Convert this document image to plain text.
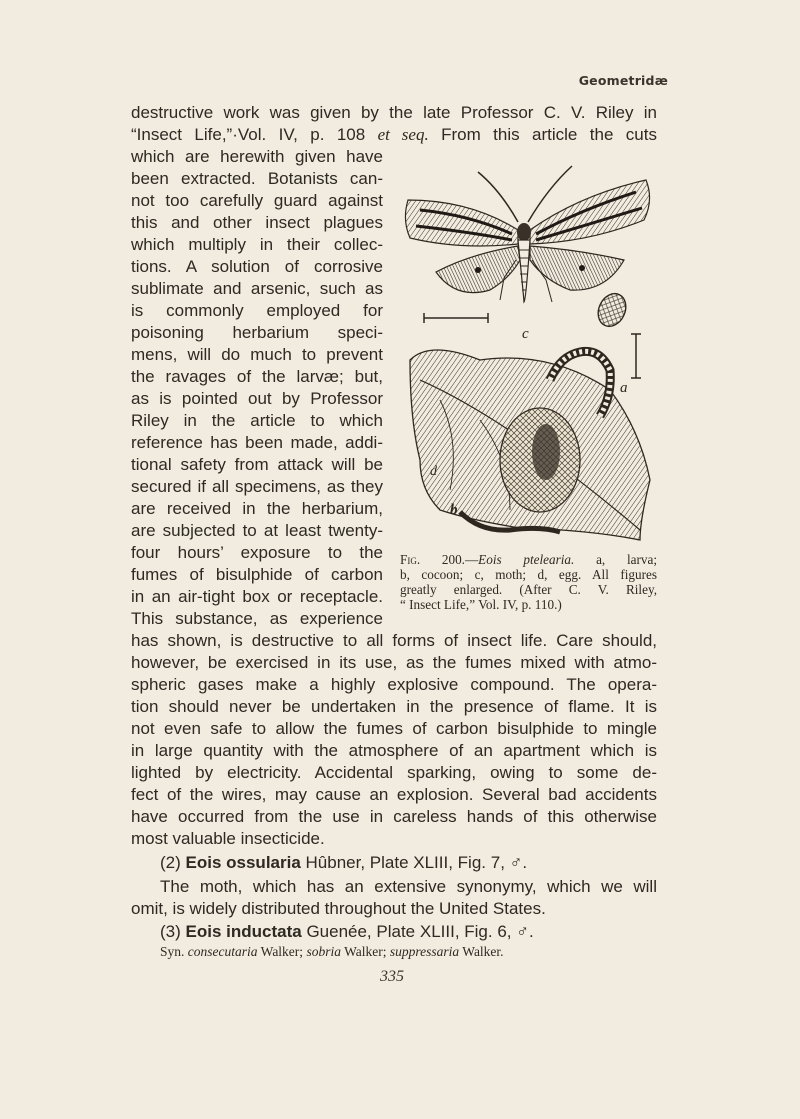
Geometridæ
destructive work was given by the late Professor C. V. Riley in
“Insect Life,”·Vol. IV, p. 108 et seq. From this article the cuts
which are herewith given have
been extracted. Botanists can-
not too carefully guard against
this and other insect plagues
which multiply in their collec-
tions. A solution of corrosive
sublimate and arsenic, such as
is commonly employed for
poisoning herbarium speci-
mens, will do much to prevent
the ravages of the larvæ; but,
as is pointed out by Professor
Riley in the article to which
reference has been made, addi-
tional safety from attack will be
secured if all specimens, as they
are received in the herbarium,
are subjected to at least twenty-
four hours’ exposure to the
fumes of bisulphide of carbon
in an air-tight box or receptacle.
This substance, as experience
has shown, is destructive to all forms of insect life. Care should,
however, be exercised in its use, as the fumes mixed with atmo-
spheric gases make a highly explosive compound. The opera-
tion should never be undertaken in the presence of flame. It is
not even safe to allow the fumes of carbon bisulphide to mingle
in large quantity with the atmosphere of an apartment which is
lighted by electricity. Accidental sparking, owing to some de-
fect of the wires, may cause an explosion. Several bad accidents
have occurred from the use in careless hands of this otherwise
most valuable insecticide.
(2) Eois ossularia Hûbner, Plate XLIII, Fig. 7, ♂.
The moth, which has an extensive synonymy, which we will
omit, is widely distributed throughout the United States.
(3) Eois inductata Guenée, Plate XLIII, Fig. 6, ♂.
Syn. consecutaria Walker; sobria Walker; suppressaria Walker.
335
c
a
d
b
Fig. 200.—Eois ptelearia. a, larva;
b, cocoon; c, moth; d, egg. All figures
greatly enlarged. (After C. V. Riley,
“ Insect Life,” Vol. IV, p. 110.)
